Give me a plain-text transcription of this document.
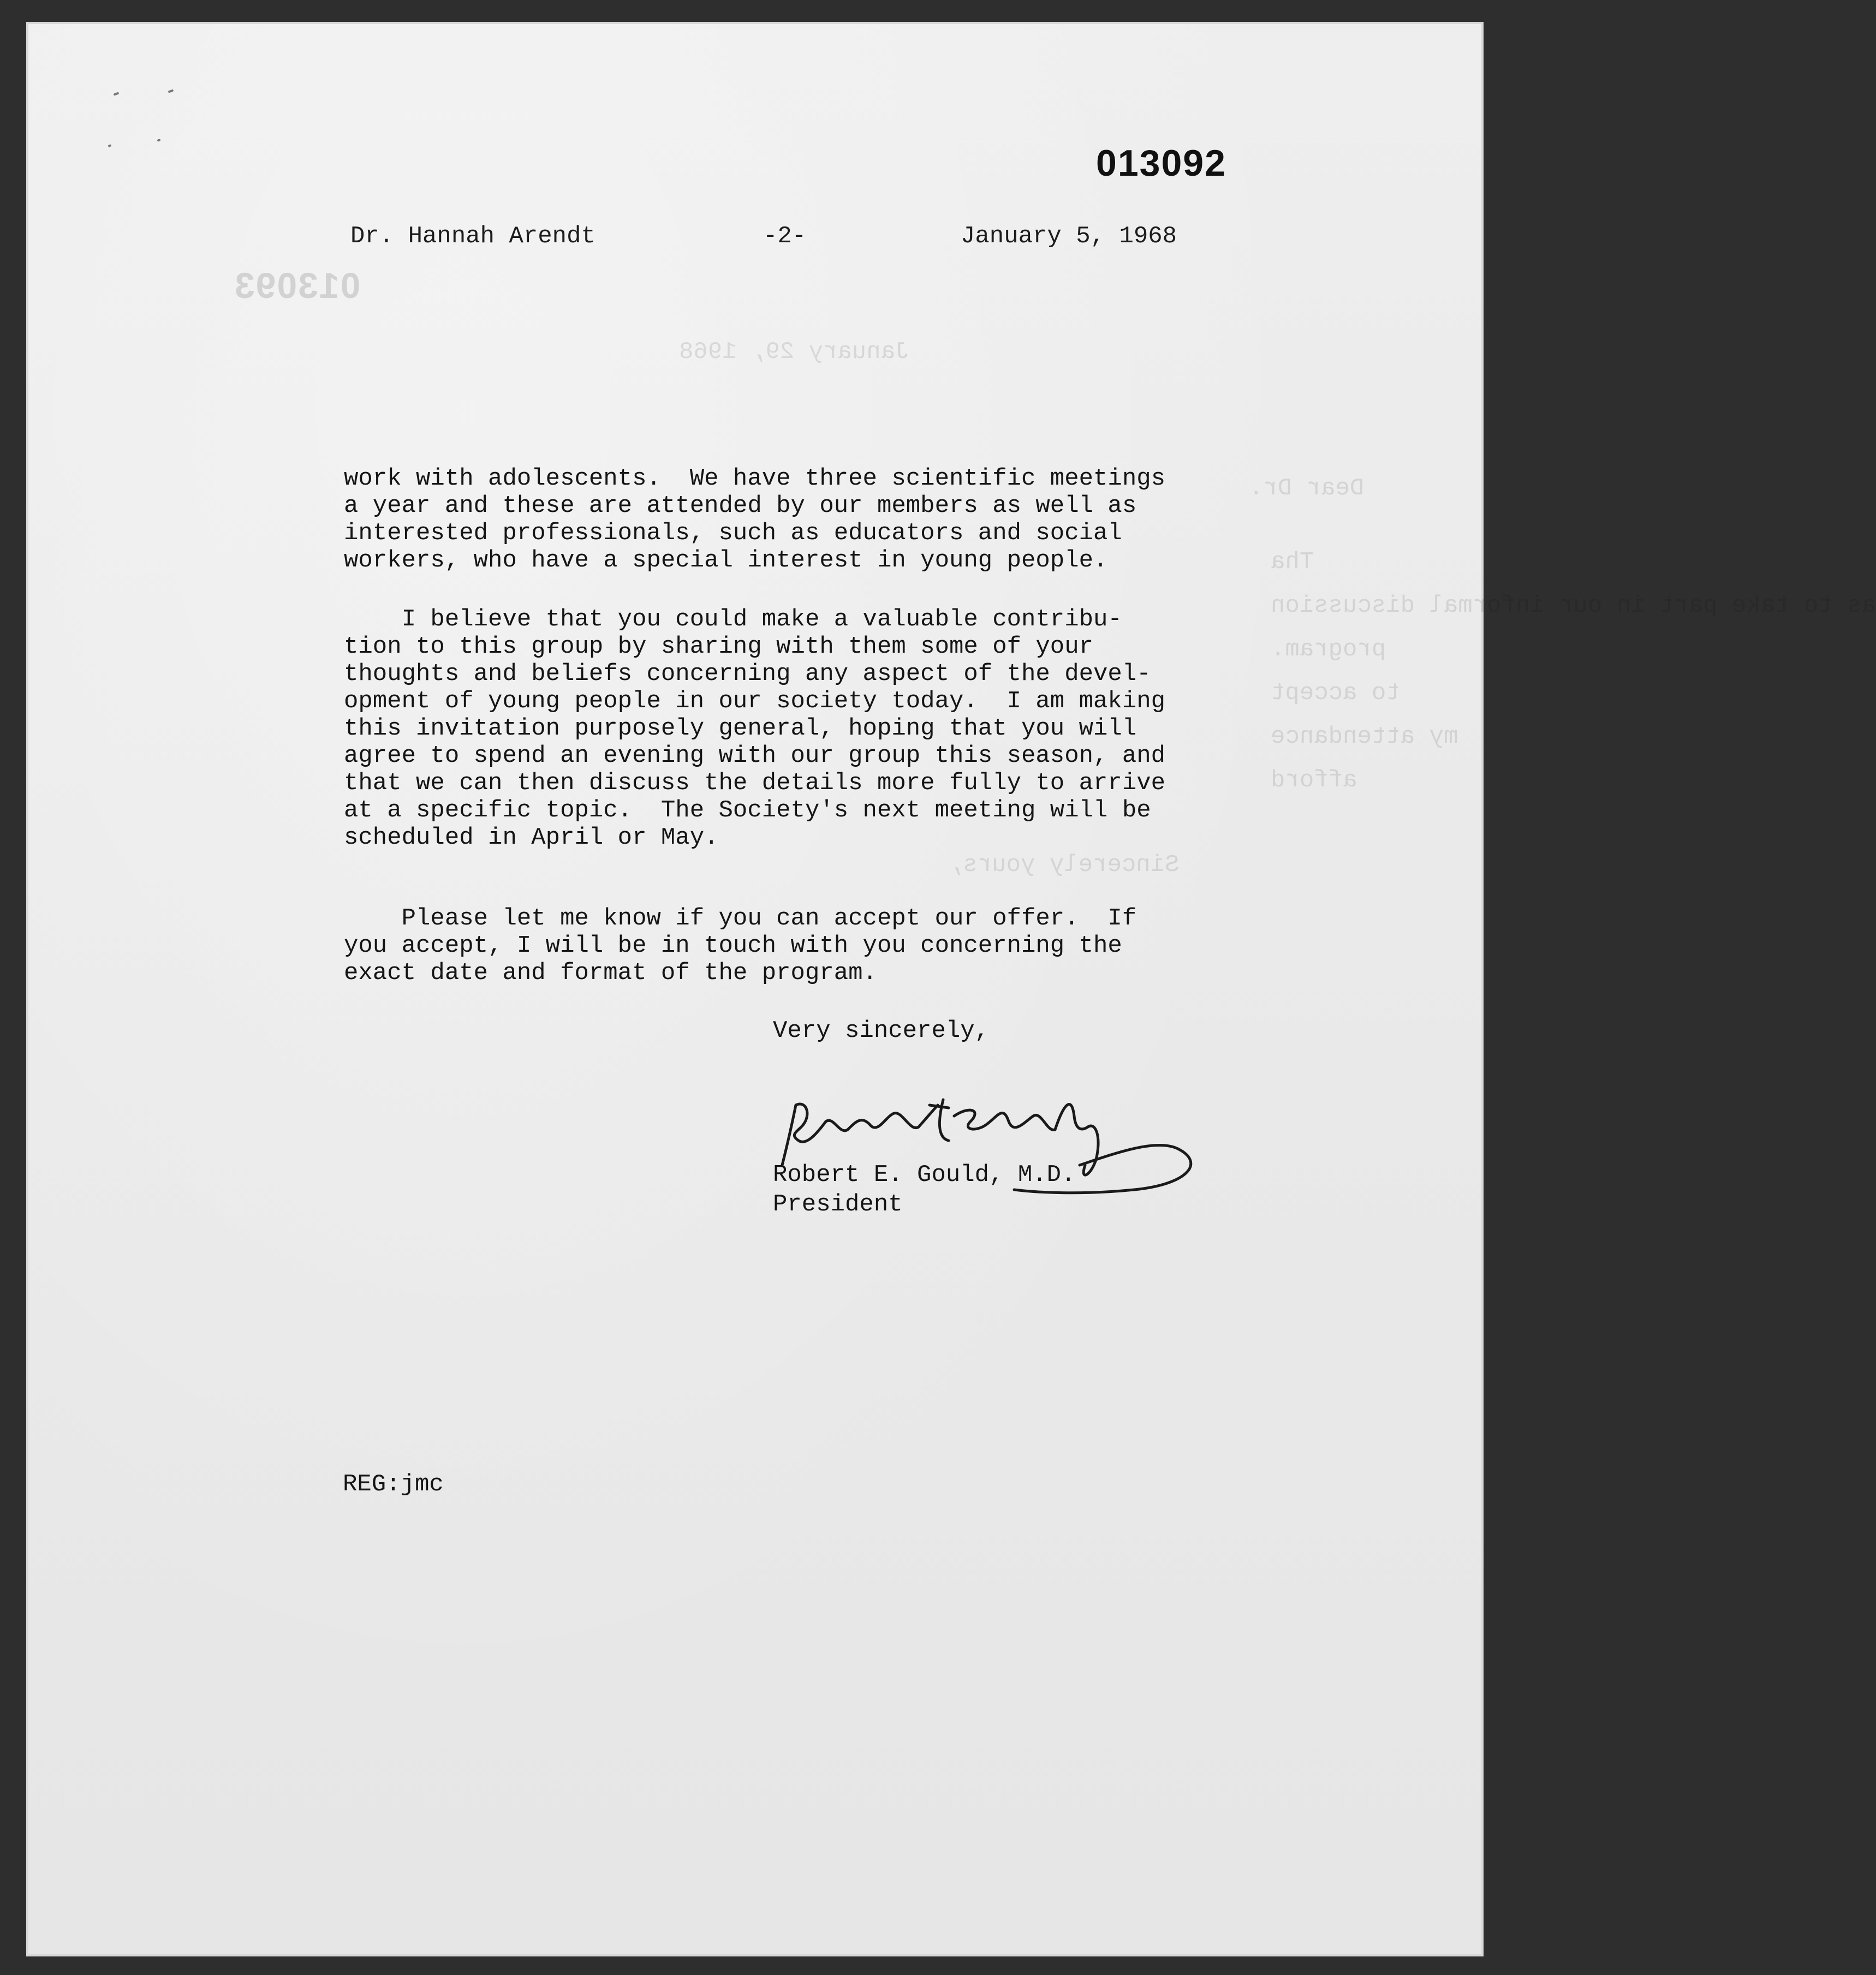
013093
January 29, 1968
Dear Dr.
Tha
as to take part in our informal discussion
program.
to accept
my attendance
afford
Sincerely yours,
013092
Dr. Hannah Arendt	-2-	January 5, 1968
work with adolescents.  We have three scientific meetings
a year and these are attended by our members as well as
interested professionals, such as educators and social
workers, who have a special interest in young people.
I believe that you could make a valuable contribu-
tion to this group by sharing with them some of your
thoughts and beliefs concerning any aspect of the devel-
opment of young people in our society today.  I am making
this invitation purposely general, hoping that you will
agree to spend an evening with our group this season, and
that we can then discuss the details more fully to arrive
at a specific topic.  The Society's next meeting will be
scheduled in April or May.
Please let me know if you can accept our offer.  If
you accept, I will be in touch with you concerning the
exact date and format of the program.
Very sincerely,
Robert E. Gould, M.D.
President
REG:jmc
